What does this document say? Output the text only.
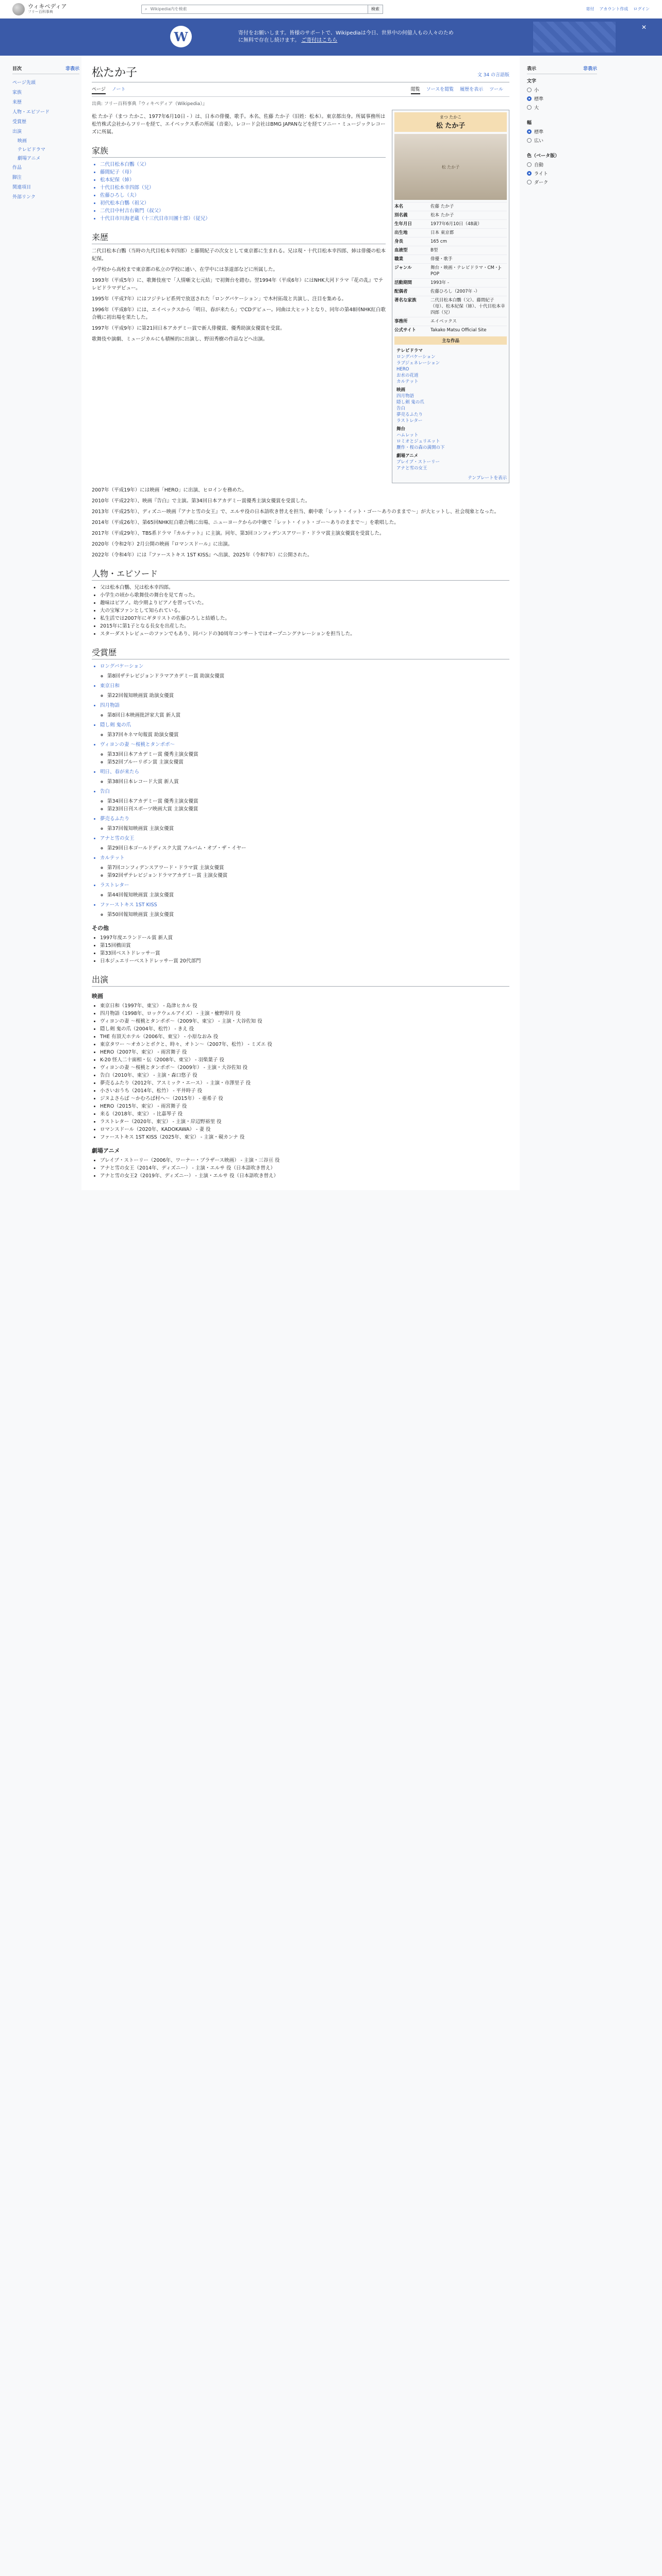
ウィキペディア
フリー百科事典
⌕ Wikipedia内を検索	検索	寄付 アカウント作成 ログイン
W	寄付をお願いします。皆様のサポートで、Wikipediaは今日、世界中の何億人もの人々のために無料で存在し続けます。 ご寄付はこちら
✕
目次	非表示
ページ先頭
家族
来歴
人物・エピソード
受賞歴
出演
映画
テレビドラマ
劇場アニメ
作品
脚注
関連項目
外部リンク
松たか子	文 34 の言語版
ページ ノート	閲覧 ソースを閲覧 履歴を表示 ツール
出典: フリー百科事典『ウィキペディア（Wikipedia）』

松 たか子（まつ たかこ、1977年6月10日 - ）は、日本の俳優、歌手。本名、佐藤 たか子（旧姓：松本）。東京都出身。所属事務所は松竹株式会社からフリーを経て、エイベックス系の所属（音楽）。レコード会社はBMG JAPANなどを経てソニー・ミュージックレコーズに所属。

家族
• 二代目松本白鸚（父）
• 藤間紀子（母）
• 松本紀保（姉）
• 十代目松本幸四郎（兄）
• 佐藤ひろし（夫）
• 初代松本白鸚（祖父）
• 二代目中村吉右衛門（叔父）
• 十代目市川海老蔵（十三代目市川團十郎）（従兄）
来歴

二代目松本白鸚（当時の九代目松本幸四郎）と藤間紀子の次女として東京都に生まれる。兄は現・十代目松本幸四郎、姉は俳優の松本紀保。

小学校から高校まで東京都の私立の学校に通い、在学中には茶道部などに所属した。

1993年（平成5年）に、歌舞伎座で「人情噺文七元結」で初舞台を踏む。翌1994年（平成6年）にはNHK大河ドラマ『花の乱』でテレビドラマデビュー。

1995年（平成7年）にはフジテレビ系列で放送された「ロングバケーション」で木村拓哉と共演し、注目を集める。

1996年（平成8年）には、エイベックスから「明日、春が来たら」でCDデビュー。同曲は大ヒットとなり、同年の第48回NHK紅白歌合戦に初出場を果たした。

1997年（平成9年）に第21回日本アカデミー賞で新人俳優賞、優秀助演女優賞を受賞。

歌舞伎や演劇、ミュージカルにも積極的に出演し、野田秀樹の作品などへ出演。

まつ たかこ
松 たか子
松 たか子
本名	佐藤 たか子
別名義	松本 たか子
生年月日	1977年6月10日（48歳）
出生地	日本 東京都
身長	165 cm
血液型	B型
職業	俳優・歌手
ジャンル	舞台・映画・テレビドラマ・CM・J-POP
活動期間	1993年 -
配偶者	佐藤ひろし（2007年 -）
著名な家族	二代目松本白鸚（父）、藤間紀子（母）、松本紀保（姉）、十代目松本幸四郎（兄）
事務所	エイベックス
公式サイト	Takako Matsu Official Site
主な作品
テレビドラマ
ロングバケーション
ラブジェネレーション
HERO
お水の花道
カルテット
映画
四月物語
隠し剣 鬼の爪
告白
夢売るふたり
ラストレター
舞台
ハムレット
ロミオとジュリエット
贋作・桜の森の満開の下
劇場アニメ
ブレイブ・ストーリー
アナと雪の女王
テンプレートを表示

2007年（平成19年）には映画「HERO」に出演、ヒロインを務めた。

2010年（平成22年）、映画『告白』で主演。第34回日本アカデミー賞優秀主演女優賞を受賞した。

2013年（平成25年）、ディズニー映画『アナと雪の女王』で、エルサ役の日本語吹き替えを担当、劇中歌「レット・イット・ゴー〜ありのままで〜」が大ヒットし、社会現象となった。

2014年（平成26年）、第65回NHK紅白歌合戦に出場、ニューヨークからの中継で「レット・イット・ゴー〜ありのままで〜」を歌唱した。

2017年（平成29年）、TBS系ドラマ『カルテット』に主演。同年、第3回コンフィデンスアワード・ドラマ賞主演女優賞を受賞した。

2020年（令和2年）2月公開の映画『ロマンスドール』に出演。

2022年（令和4年）には『ファーストキス 1ST KISS』へ出演、2025年（令和7年）に公開された。

人物・エピソード
• 父は松本白鸚、兄は松本幸四郎。
• 小学生の頃から歌舞伎の舞台を見て育った。
• 趣味はピアノ。幼少期よりピアノを習っていた。
• 大の宝塚ファンとして知られている。
• 私生活では2007年にギタリストの佐藤ひろしと結婚した。
• 2015年に第1子となる長女を出産した。
• スターダストレビューのファンでもあり、同バンドの30周年コンサートではオープニングナレーションを担当した。
受賞歴
• ロングバケーション
◦ 第8回ザテレビジョンドラマアカデミー賞 助演女優賞
• 東京日和
◦ 第22回報知映画賞 助演女優賞
• 四月物語
◦ 第8回日本映画批評家大賞 新人賞
• 隠し剣 鬼の爪
◦ 第37回キネマ旬報賞 助演女優賞
• ヴィヨンの妻 〜桜桃とタンポポ〜
◦ 第33回日本アカデミー賞 優秀主演女優賞
◦ 第52回ブルーリボン賞 主演女優賞
• 明日、春が来たら
◦ 第38回日本レコード大賞 新人賞
• 告白
◦ 第34回日本アカデミー賞 優秀主演女優賞
◦ 第23回日刊スポーツ映画大賞 主演女優賞
• 夢売るふたり
◦ 第37回報知映画賞 主演女優賞
• アナと雪の女王
◦ 第29回日本ゴールドディスク大賞 アルバム・オブ・ザ・イヤー
• カルテット
◦ 第7回コンフィデンスアワード・ドラマ賞 主演女優賞
◦ 第92回ザテレビジョンドラマアカデミー賞 主演女優賞
• ラストレター
◦ 第44回報知映画賞 主演女優賞
• ファーストキス 1ST KISS
◦ 第50回報知映画賞 主演女優賞
その他
• 1997年度エランドール賞 新人賞
• 第15回橋田賞
• 第33回ベストドレッサー賞
• 日本ジュエリーベストドレッサー賞 20代部門
出演
映画
• 東京日和（1997年、東宝） - 島津ヒカル 役
• 四月物語（1998年、ロックウェルアイズ） - 主演・楡野卯月 役
• ヴィヨンの妻 〜桜桃とタンポポ〜（2009年、東宝） - 主演・大谷佐知 役
• 隠し剣 鬼の爪（2004年、松竹） - きえ 役
• THE 有頂天ホテル（2006年、東宝） - 小原なおみ 役
• 東京タワー 〜オカンとボクと、時々、オトン〜（2007年、松竹） - ミズエ 役
• HERO（2007年、東宝） - 雨宮舞子 役
• K-20 怪人二十面相・伝（2008年、東宝） - 羽柴葉子 役
• ヴィヨンの妻 〜桜桃とタンポポ〜（2009年） - 主演・大谷佐知 役
• 告白（2010年、東宝） - 主演・森口悠子 役
• 夢売るふたり（2012年、アスミック・エース） - 主演・市澤里子 役
• 小さいおうち（2014年、松竹） - 平井時子 役
• ジヌよさらば 〜かむろば村へ〜（2015年） - 亜希子 役
• HERO（2015年、東宝） - 雨宮舞子 役
• 来る（2018年、東宝） - 比嘉琴子 役
• ラストレター（2020年、東宝） - 主演・岸辺野裕里 役
• ロマンスドール（2020年、KADOKAWA） - 妻 役
• ファーストキス 1ST KISS（2025年、東宝） - 主演・硯カンナ 役
劇場アニメ
• ブレイブ・ストーリー（2006年、ワーナー・ブラザース映画） - 主演・三谷亘 役
• アナと雪の女王（2014年、ディズニー） - 主演・エルサ 役（日本語吹き替え）
• アナと雪の女王2（2019年、ディズニー） - 主演・エルサ 役（日本語吹き替え）
表示	非表示
文字
小
標準
大
幅
標準
広い
色（ベータ版）
自動
ライト
ダーク
